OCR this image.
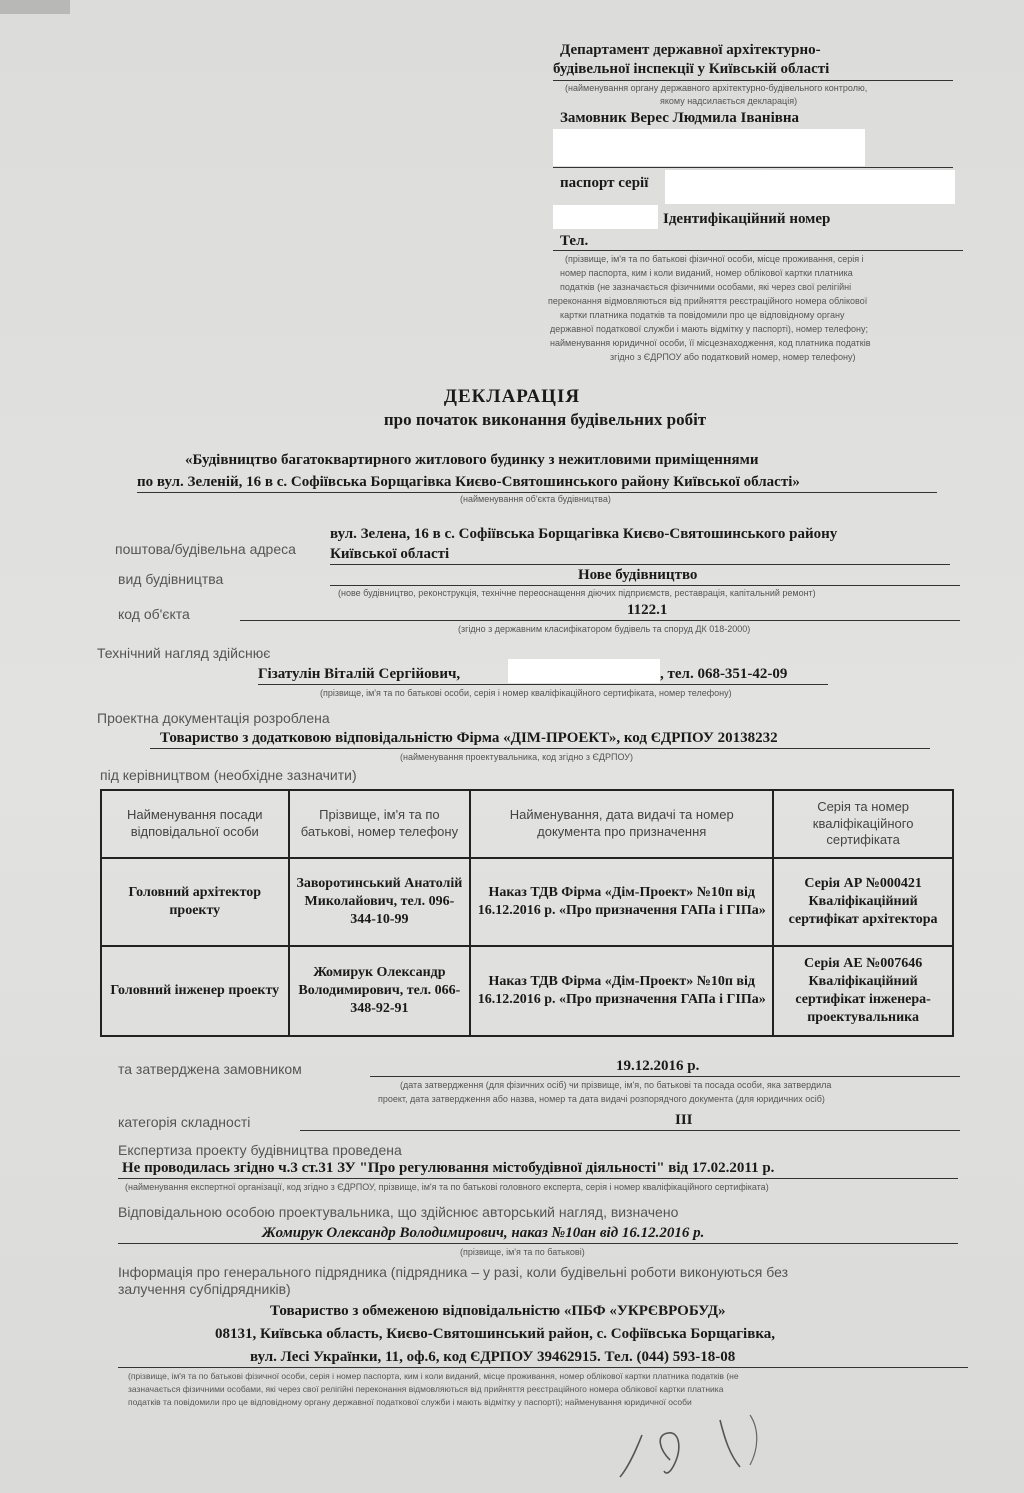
Департамент державної архітектурно-
будівельної інспекції у Київській області
(найменування органу державного архітектурно-будівельного контролю,
якому надсилається декларація)
Замовник Верес Людмила Іванівна
паспорт серії
Ідентифікаційний номер
Тел.
(прізвище, ім'я та по батькові фізичної особи, місце проживання, серія і
номер паспорта, ким і коли виданий, номер облікової картки платника
податків (не зазначається фізичними особами, які через свої релігійні
переконання відмовляються від прийняття реєстраційного номера облікової
картки платника податків та повідомили про це відповідному органу
державної податкової служби і мають відмітку у паспорті), номер телефону;
найменування юридичної особи, її місцезнаходження, код платника податків
згідно з ЄДРПОУ або податковий номер, номер телефону)
ДЕКЛАРАЦІЯ
про початок виконання будівельних робіт
«Будівництво багатоквартирного житлового будинку з нежитловими приміщеннями
по вул. Зеленій, 16 в с. Софіївська Борщагівка Києво-Святошинського району Київської області»
(найменування об'єкта будівництва)
поштова/будівельна адреса
вул. Зелена, 16 в с. Софіївська Борщагівка Києво-Святошинського району
Київської області
вид будівництва	Нове будівництво
(нове будівництво, реконструкція, технічне переоснащення діючих підприємств, реставрація, капітальний ремонт)
код об'єкта	1122.1
(згідно з державним класифікатором будівель та споруд ДК 018-2000)
Технічний нагляд здійснює
Гізатулін Віталій Сергійович,	, тел. 068-351-42-09
(прізвище, ім'я та по батькові особи, серія і номер кваліфікаційного сертифіката, номер телефону)
Проектна документація розроблена
Товариство з додатковою відповідальністю Фірма «ДІМ-ПРОЕКТ», код ЄДРПОУ 20138232
(найменування проектувальника, код згідно з ЄДРПОУ)
під керівництвом (необхідне зазначити)
Найменування посади відповідальної особи	Прізвище, ім'я та по батькові, номер телефону	Найменування, дата видачі та номер документа про призначення	Серія та номер кваліфікаційного сертифіката
Головний архітектор проекту	Заворотинський Анатолій Миколайович, тел. 096-344-10-99	Наказ ТДВ Фірма «Дім-Проект» №10п від 16.12.2016 р. «Про призначення ГАПа і ГІПа»	Серія АР №000421 Кваліфікаційний сертифікат архітектора
Головний інженер проекту	Жомирук Олександр Володимирович, тел. 066-348-92-91	Наказ ТДВ Фірма «Дім-Проект» №10п від 16.12.2016 р. «Про призначення ГАПа і ГІПа»	Серія АЕ №007646 Кваліфікаційний сертифікат інженера-проектувальника
та затверджена замовником	19.12.2016 р.
(дата затвердження (для фізичних осіб) чи прізвище, ім'я, по батькові та посада особи, яка затвердила
проект, дата затвердження або назва, номер та дата видачі розпорядчого документа (для юридичних осіб)
категорія складності	III
Експертиза проекту будівництва проведена
Не проводилась згідно ч.3 ст.31 ЗУ "Про регулювання містобудівної діяльності" від 17.02.2011 р.
(найменування експертної організації, код згідно з ЄДРПОУ, прізвище, ім'я та по батькові головного експерта, серія і номер кваліфікаційного сертифіката)
Відповідальною особою проектувальника, що здійснює авторський нагляд, визначено
Жомирук Олександр Володимирович, наказ №10ан від 16.12.2016 р.
(прізвище, ім'я та по батькові)
Інформація про генерального підрядника (підрядника – у разі, коли будівельні роботи виконуються без
залучення субпідрядників)
Товариство з обмеженою відповідальністю «ПБФ «УКРЄВРОБУД»
08131, Київська область, Києво-Святошинський район, с. Софіївська Борщагівка,
вул. Лесі Українки, 11, оф.6, код ЄДРПОУ 39462915. Тел. (044) 593-18-08
(прізвище, ім'я та по батькові фізичної особи, серія і номер паспорта, ким і коли виданий, місце проживання, номер облікової картки платника податків (не
зазначається фізичними особами, які через свої релігійні переконання відмовляються від прийняття реєстраційного номера облікової картки платника
податків та повідомили про це відповідному органу державної податкової служби і мають відмітку у паспорті); найменування юридичної особи
